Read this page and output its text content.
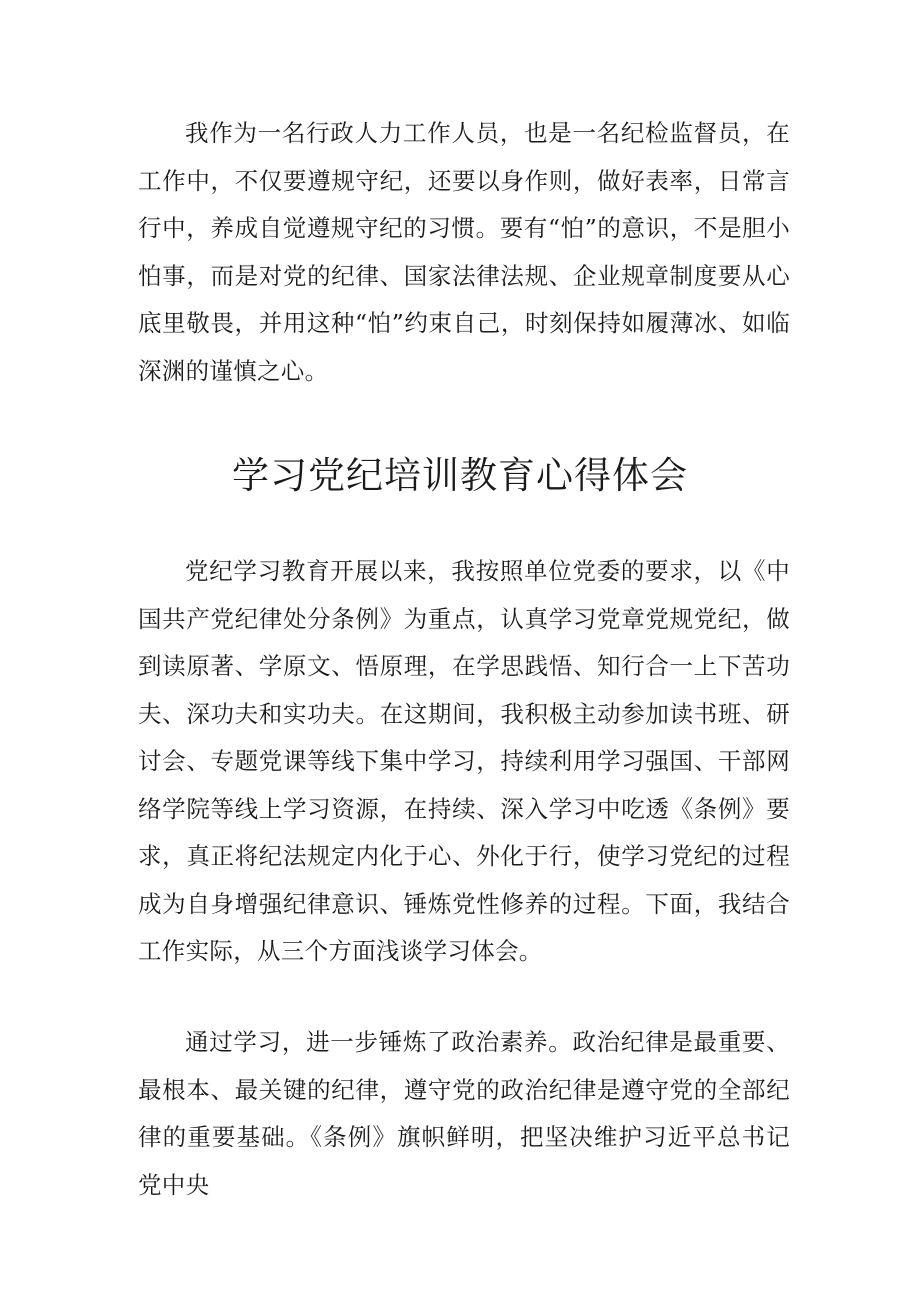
我作为一名行政人力工作人员，也是一名纪检监督员，在工作中，不仅要遵规守纪，还要以身作则，做好表率，日常言行中，养成自觉遵规守纪的习惯。要有“怕”的意识，不是胆小怕事，而是对党的纪律、国家法律法规、企业规章制度要从心底里敬畏，并用这种“怕”约束自己，时刻保持如履薄冰、如临深渊的谨慎之心。

学习党纪培训教育心得体会

党纪学习教育开展以来，我按照单位党委的要求，以《中国共产党纪律处分条例》为重点，认真学习党章党规党纪，做到读原著、学原文、悟原理，在学思践悟、知行合一上下苦功夫、深功夫和实功夫。在这期间，我积极主动参加读书班、研讨会、专题党课等线下集中学习，持续利用学习强国、干部网络学院等线上学习资源，在持续、深入学习中吃透《条例》要求，真正将纪法规定内化于心、外化于行，使学习党纪的过程成为自身增强纪律意识、锤炼党性修养的过程。下面，我结合工作实际，从三个方面浅谈学习体会。

通过学习，进一步锤炼了政治素养。政治纪律是最重要、最根本、最关键的纪律，遵守党的政治纪律是遵守党的全部纪律的重要基础。《条例》旗帜鲜明，把坚决维护习近平总书记党中央
